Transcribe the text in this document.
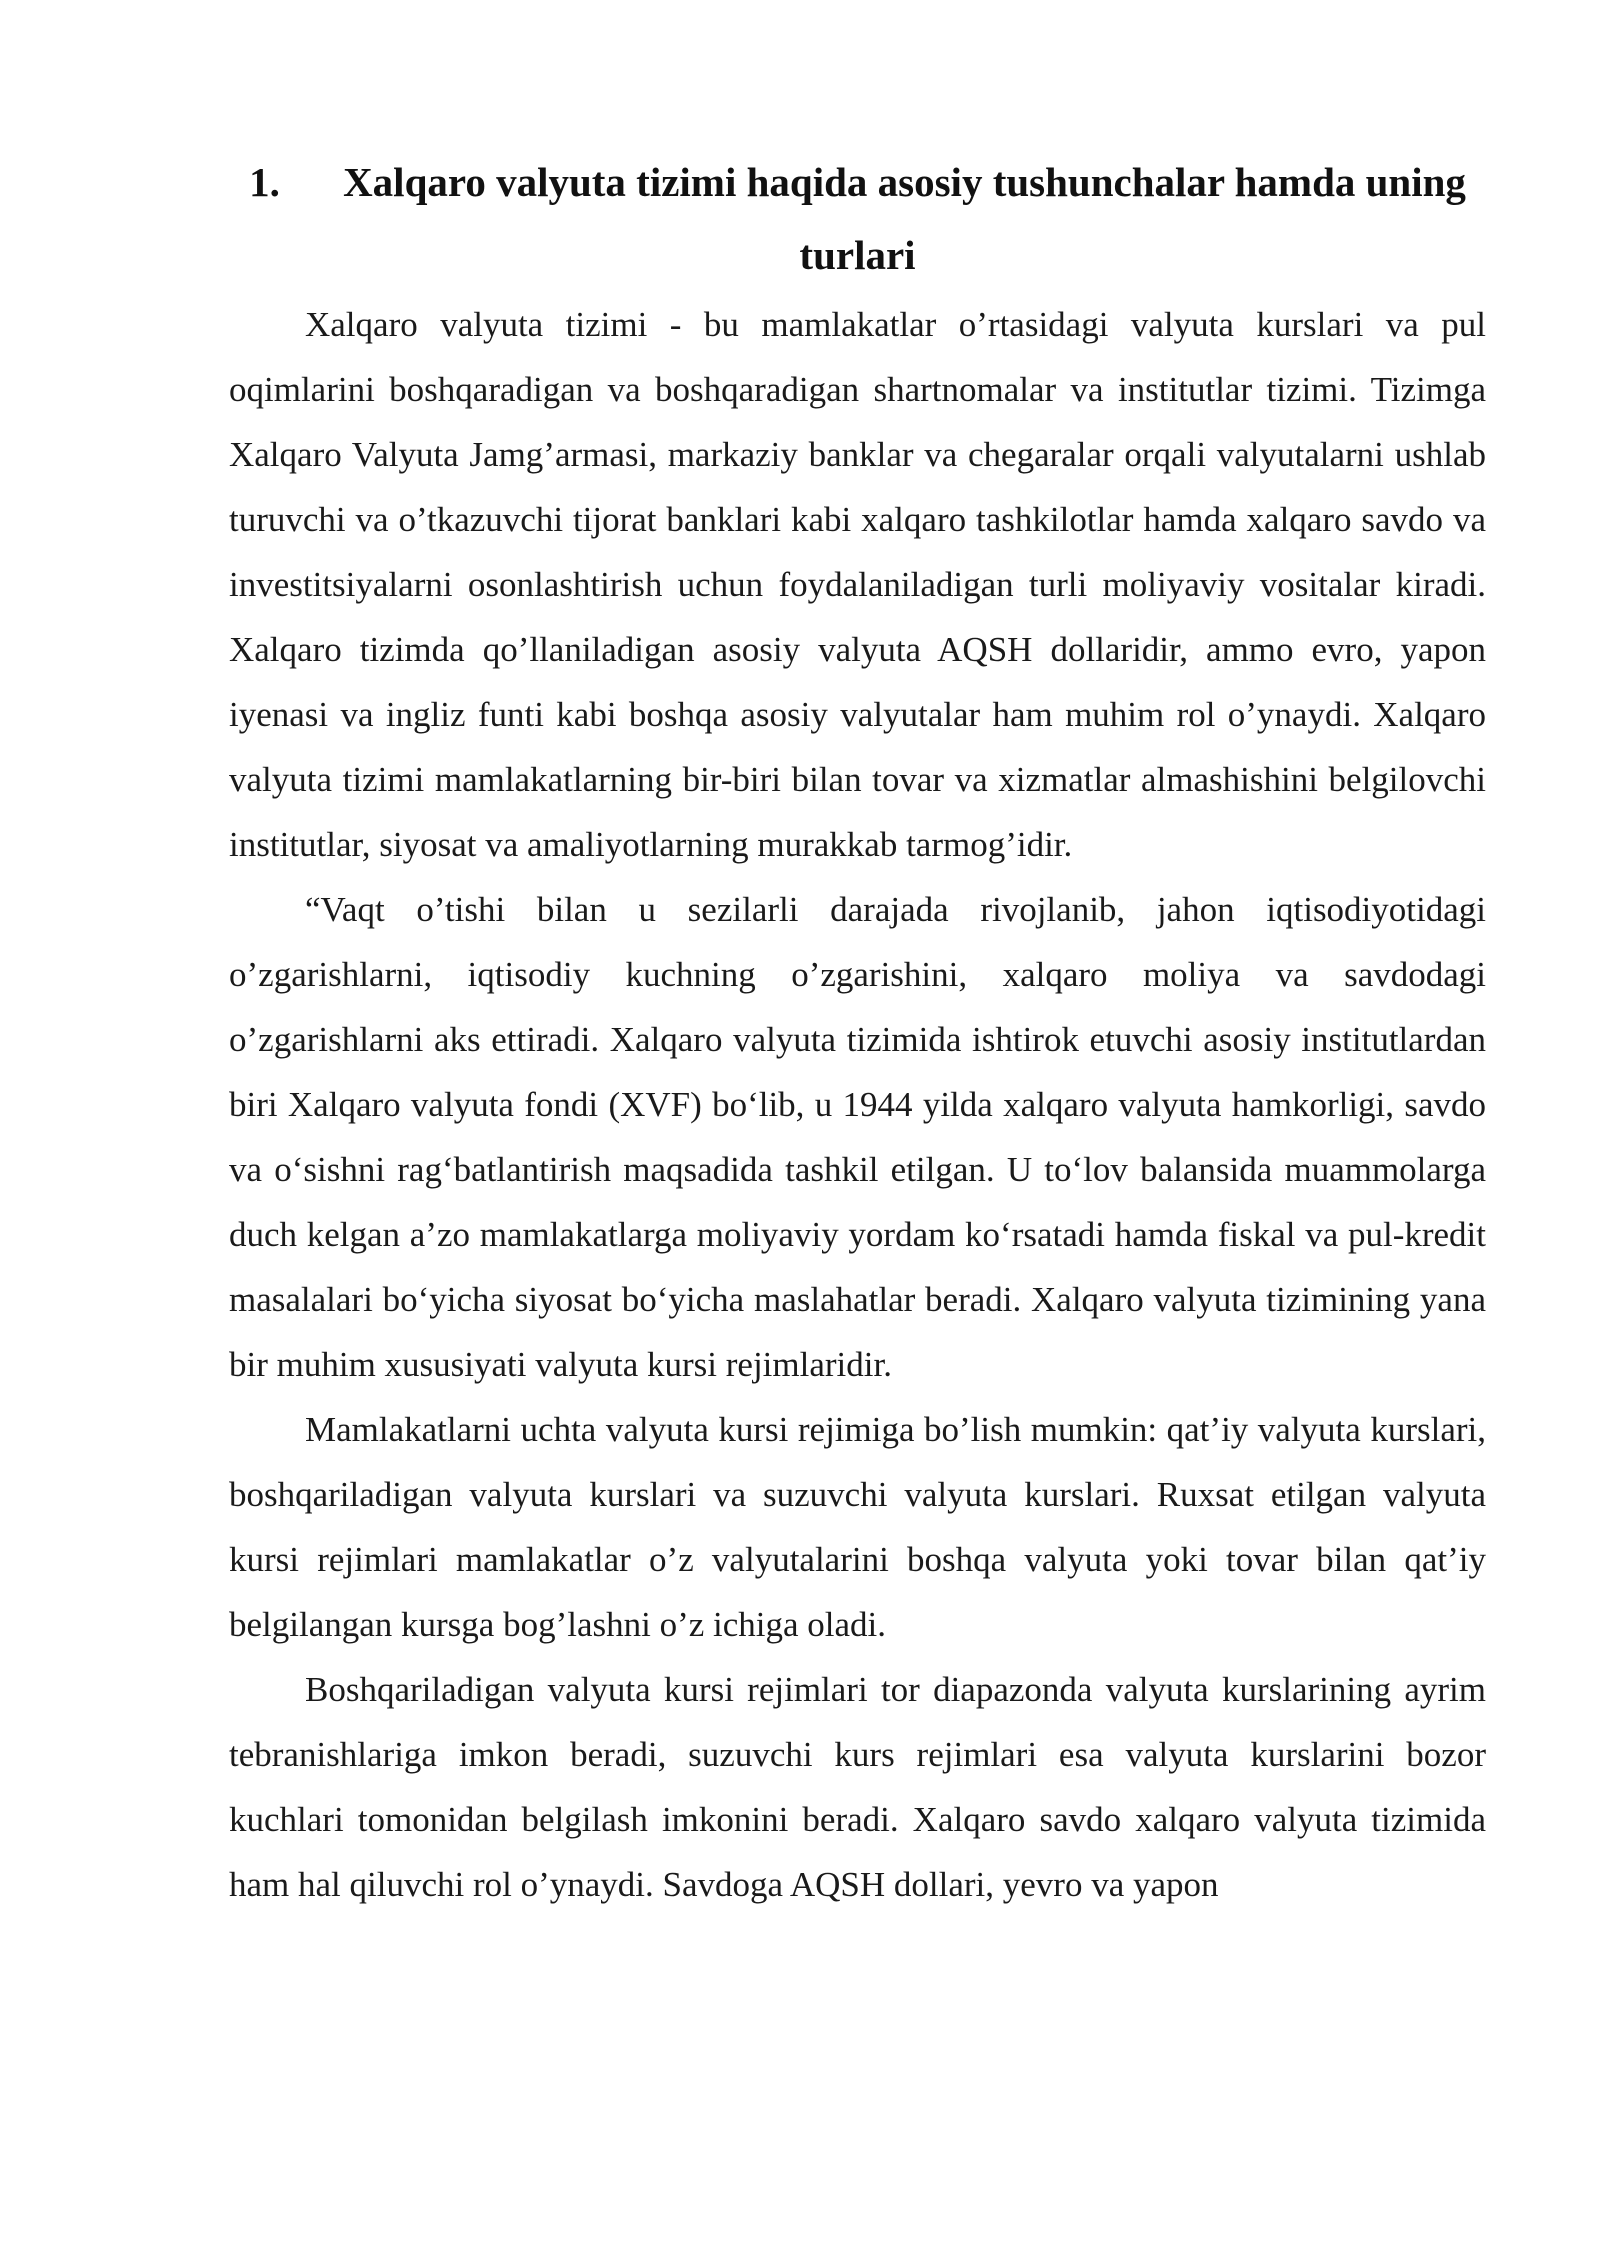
1. Xalqaro valyuta tizimi haqida asosiy tushunchalar hamda uning turlari

Xalqaro valyuta tizimi - bu mamlakatlar o’rtasidagi valyuta kurslari va pul oqimlarini boshqaradigan va boshqaradigan shartnomalar va institutlar tizimi. Tizimga Xalqaro Valyuta Jamg’armasi, markaziy banklar va chegaralar orqali valyutalarni ushlab turuvchi va o’tkazuvchi tijorat banklari kabi xalqaro tashkilotlar hamda xalqaro savdo va investitsiyalarni osonlashtirish uchun foydalaniladigan turli moliyaviy vositalar kiradi. Xalqaro tizimda qo’llaniladigan asosiy valyuta AQSH dollaridir, ammo evro, yapon iyenasi va ingliz funti kabi boshqa asosiy valyutalar ham muhim rol o’ynaydi. Xalqaro valyuta tizimi mamlakatlarning bir-biri bilan tovar va xizmatlar almashishini belgilovchi institutlar, siyosat va amaliyotlarning murakkab tarmog’idir.

“Vaqt o’tishi bilan u sezilarli darajada rivojlanib, jahon iqtisodiyotidagi o’zgarishlarni, iqtisodiy kuchning o’zgarishini, xalqaro moliya va savdodagi o’zgarishlarni aks ettiradi. Xalqaro valyuta tizimida ishtirok etuvchi asosiy institutlardan biri Xalqaro valyuta fondi (XVF) bo‘lib, u 1944 yilda xalqaro valyuta hamkorligi, savdo va o‘sishni rag‘batlantirish maqsadida tashkil etilgan. U to‘lov balansida muammolarga duch kelgan a’zo mamlakatlarga moliyaviy yordam ko‘rsatadi hamda fiskal va pul-kredit masalalari bo‘yicha siyosat bo‘yicha maslahatlar beradi. Xalqaro valyuta tizimining yana bir muhim xususiyati valyuta kursi rejimlaridir.

Mamlakatlarni uchta valyuta kursi rejimiga bo’lish mumkin: qat’iy valyuta kurslari, boshqariladigan valyuta kurslari va suzuvchi valyuta kurslari. Ruxsat etilgan valyuta kursi rejimlari mamlakatlar o’z valyutalarini boshqa valyuta yoki tovar bilan qat’iy belgilangan kursga bog’lashni o’z ichiga oladi.

Boshqariladigan valyuta kursi rejimlari tor diapazonda valyuta kurslarining ayrim tebranishlariga imkon beradi, suzuvchi kurs rejimlari esa valyuta kurslarini bozor kuchlari tomonidan belgilash imkonini beradi. Xalqaro savdo xalqaro valyuta tizimida ham hal qiluvchi rol o’ynaydi. Savdoga AQSH dollari, yevro va yapon
